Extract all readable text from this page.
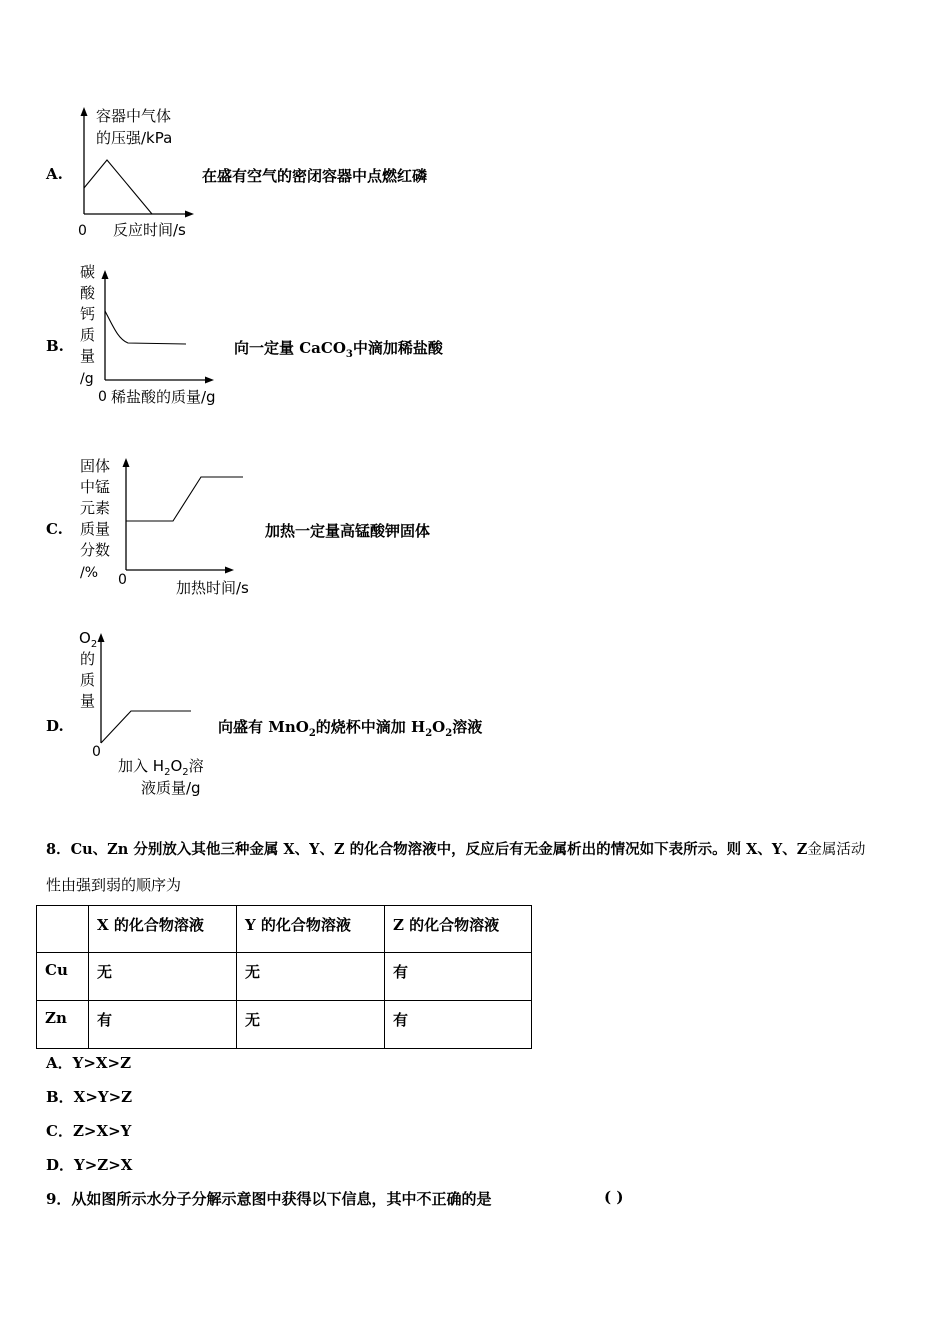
A.
容器中气体
的压强/kPa
0 反应时间/s
在盛有空气的密闭容器中点燃红磷
B.
碳
酸
钙
质
量
/g
0 稀盐酸的质量/g
向一定量 CaCO$_3$中滴加稀盐酸
C.
固体
中锰
元素
质量
分数
/% 0	加热时间/s
加热一定量高锰酸钾固体
D.
$O_2$
的
质
量
0
加入 $H_2O_2$溶
液质量/g
向盛有 MnO$_2$的烧杯中滴加 $H_2O_2$溶液
8．Cu、Zn 分别放入其他三种金属 X、Y、Z 的化合物溶液中，反应后有无金属析出的情况如下表所示。则 X、Y、Z金属活动
性由强到弱的顺序为
	X 的化合物溶液	Y 的化合物溶液	Z 的化合物溶液
Cu	无	无	有
Zn	有	无	有
A．Y>X>Z
B．X>Y>Z
C．Z>X>Y
D．Y>Z>X
9．从如图所示水分子分解示意图中获得以下信息，其中不正确的是	( )
